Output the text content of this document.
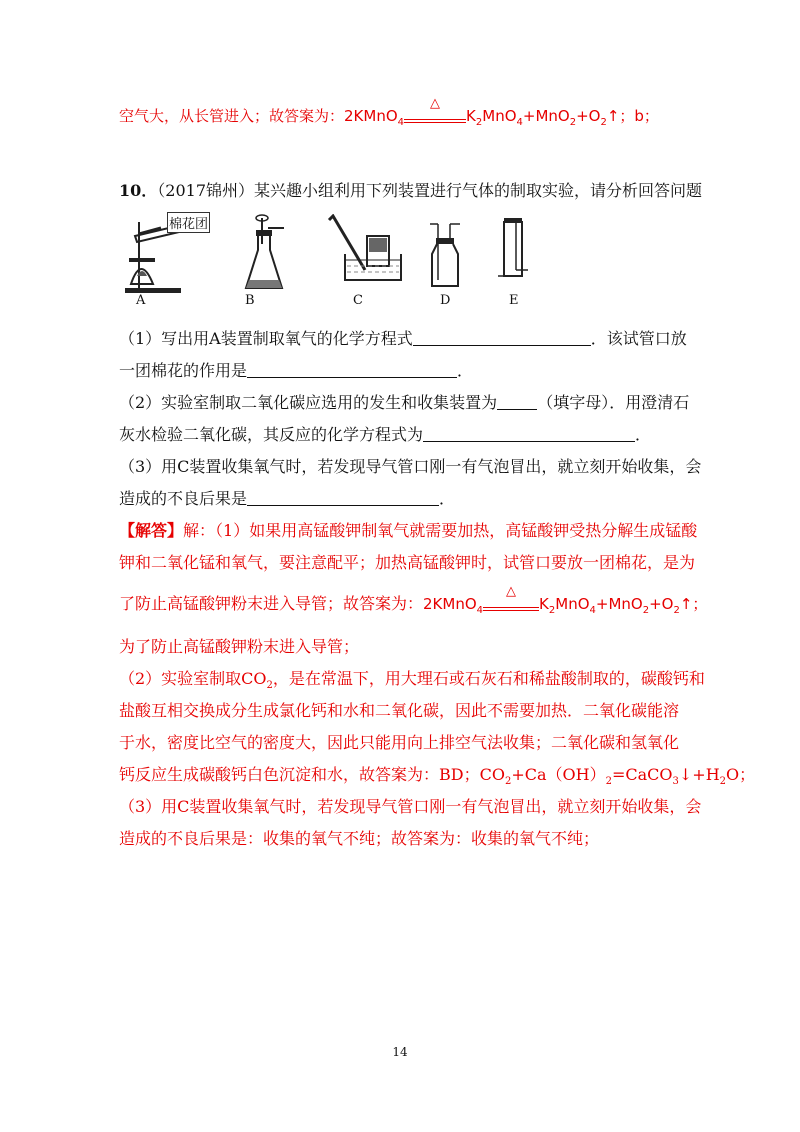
空气大，从长管进入；故答案为：2KMnO$_4$
△
$K_2MnO_4+MnO_2+O_2↑$；b；
10．（2017锦州）某兴趣小组利用下列装置进行气体的制取实验，请分析回答问题
棉花团
A	B	C	D	E
（1）写出用A装置制取氧气的化学方程式	．该试管口放
一团棉花的作用是	．
（2）实验室制取二氧化碳应选用的发生和收集装置为	（填字母）．用澄清石
灰水检验二氧化碳，其反应的化学方程式为	．
（3）用C装置收集氧气时，若发现导气管口刚一有气泡冒出，就立刻开始收集，会
造成的不良后果是	．
【解答】解：（1）如果用高锰酸钾制氧气就需要加热，高锰酸钾受热分解生成锰酸
钾和二氧化锰和氧气，要注意配平；加热高锰酸钾时，试管口要放一团棉花，是为
了防止高锰酸钾粉末进入导管；故答案为：2KMnO$_4$
△
$K_2MnO_4+MnO_2+O_2↑$；
为了防止高锰酸钾粉末进入导管；
（2）实验室制取$CO_2$，是在常温下，用大理石或石灰石和稀盐酸制取的，碳酸钙和
盐酸互相交换成分生成氯化钙和水和二氧化碳，因此不需要加热．二氧化碳能溶
于水，密度比空气的密度大，因此只能用向上排空气法收集；二氧化碳和氢氧化
钙反应生成碳酸钙白色沉淀和水，故答案为：BD；$CO_2+Ca(OH)_2=CaCO_3↓+H_2O$；
（3）用C装置收集氧气时，若发现导气管口刚一有气泡冒出，就立刻开始收集，会
造成的不良后果是：收集的氧气不纯；故答案为：收集的氧气不纯；
14
